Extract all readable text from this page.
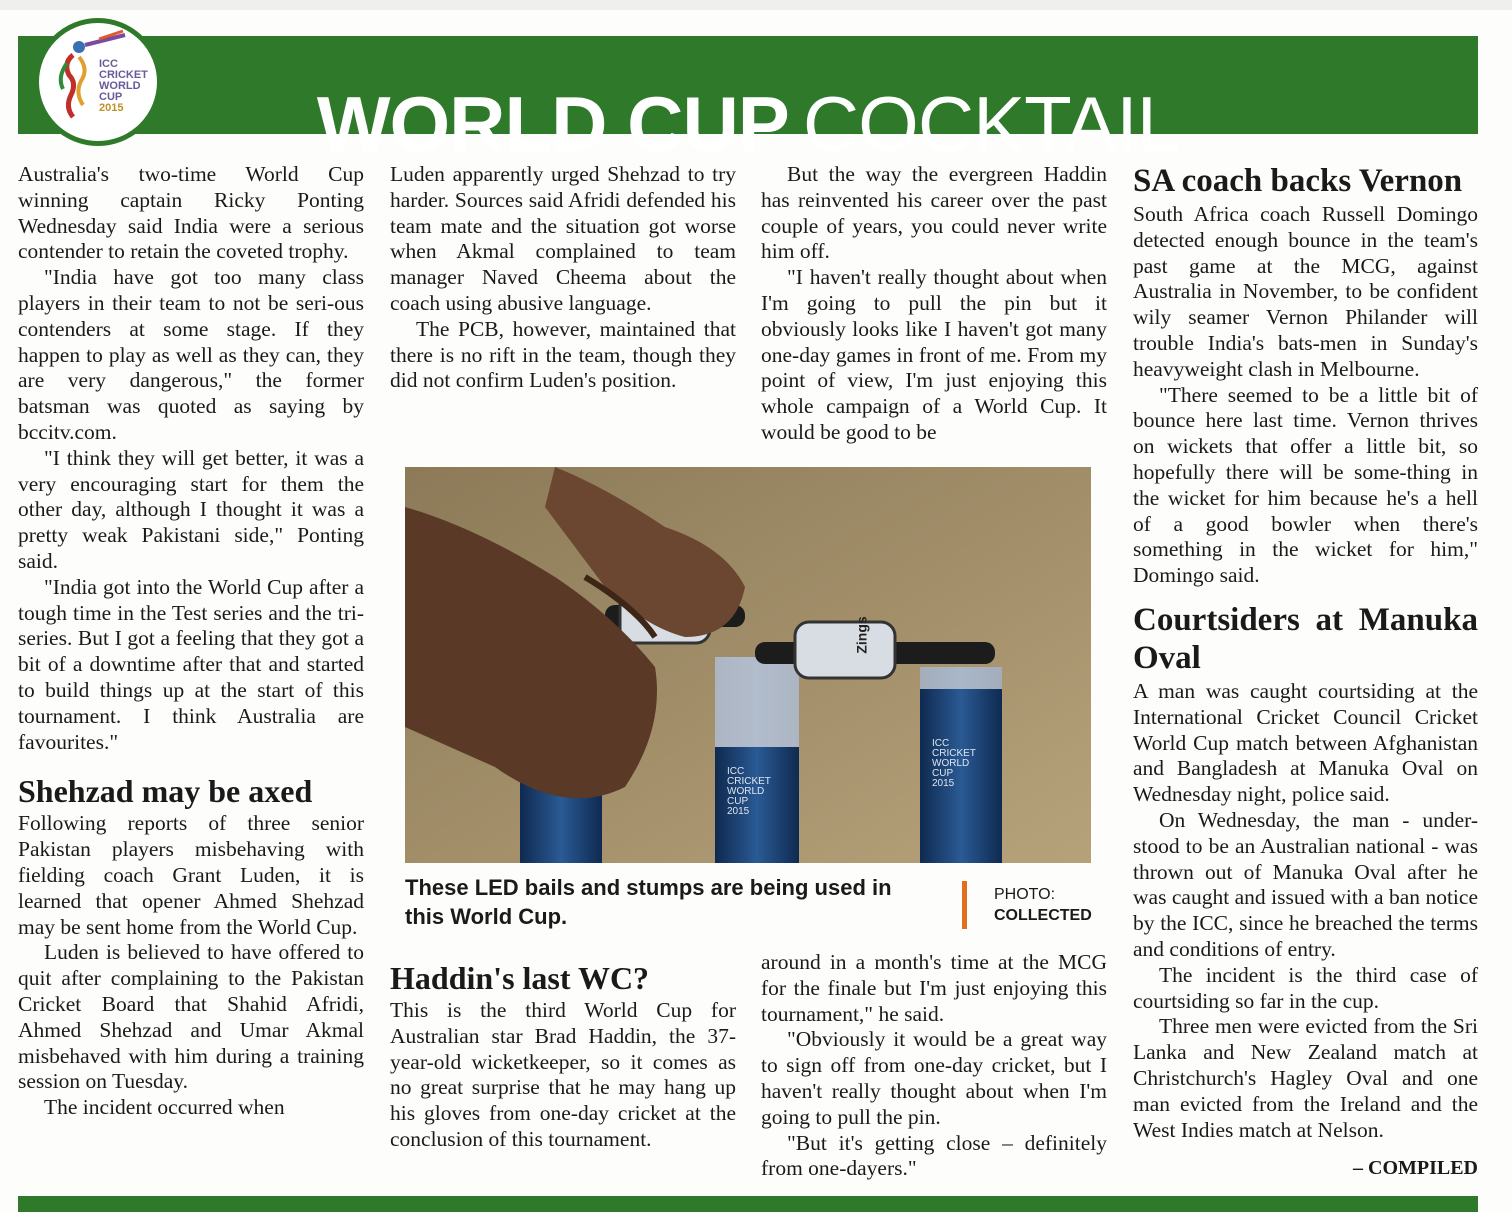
WORLD CUP COCKTAIL
ICC
CRICKET
WORLD
CUP
2015

Australia's two-time World Cup winning captain Ricky Ponting Wednesday said India were a serious contender to retain the coveted trophy.

"India have got too many class players in their team to not be seri-ous contenders at some stage. If they happen to play as well as they can, they are very dangerous," the former batsman was quoted as saying by bccitv.com.

"I think they will get better, it was a very encouraging start for them the other day, although I thought it was a pretty weak Pakistani side," Ponting said.

"India got into the World Cup after a tough time in the Test series and the tri-series. But I got a feeling that they got a bit of a downtime after that and started to build things up at the start of this tournament. I think Australia are favourites."

Shehzad may be axed

Following reports of three senior Pakistan players misbehaving with fielding coach Grant Luden, it is learned that opener Ahmed Shehzad may be sent home from the World Cup.

Luden is believed to have offered to quit after complaining to the Pakistan Cricket Board that Shahid Afridi, Ahmed Shehzad and Umar Akmal misbehaved with him during a training session on Tuesday.

The incident occurred when

Luden apparently urged Shehzad to try harder. Sources said Afridi defended his team mate and the situation got worse when Akmal complained to team manager Naved Cheema about the coach using abusive language.

The PCB, however, maintained that there is no rift in the team, though they did not confirm Luden's position.

But the way the evergreen Haddin has reinvented his career over the past couple of years, you could never write him off.

"I haven't really thought about when I'm going to pull the pin but it obviously looks like I haven't got many one-day games in front of me. From my point of view, I'm just enjoying this whole campaign of a World Cup. It would be good to be

Zings
ICC
CRICKET
WORLD
CUP
2015
ICC
CRICKET
WORLD
CUP
2015
These LED bails and stumps are being used in this World Cup.
PHOTO:
COLLECTED
Haddin's last WC?

This is the third World Cup for Australian star Brad Haddin, the 37-year-old wicketkeeper, so it comes as no great surprise that he may hang up his gloves from one-day cricket at the conclusion of this tournament.

around in a month's time at the MCG for the finale but I'm just enjoying this tournament," he said.

"Obviously it would be a great way to sign off from one-day cricket, but I haven't really thought about when I'm going to pull the pin.

"But it's getting close – definitely from one-dayers."

SA coach backs Vernon

South Africa coach Russell Domingo detected enough bounce in the team's past game at the MCG, against Australia in November, to be confident wily seamer Vernon Philander will trouble India's bats-men in Sunday's heavyweight clash in Melbourne.

"There seemed to be a little bit of bounce here last time. Vernon thrives on wickets that offer a little bit, so hopefully there will be some-thing in the wicket for him because he's a hell of a good bowler when there's something in the wicket for him," Domingo said.

Courtsiders at Manuka Oval

A man was caught courtsiding at the International Cricket Council Cricket World Cup match between Afghanistan and Bangladesh at Manuka Oval on Wednesday night, police said.

On Wednesday, the man - under-stood to be an Australian national - was thrown out of Manuka Oval after he was caught and issued with a ban notice by the ICC, since he breached the terms and conditions of entry.

The incident is the third case of courtsiding so far in the cup.

Three men were evicted from the Sri Lanka and New Zealand match at Christchurch's Hagley Oval and one man evicted from the Ireland and the West Indies match at Nelson.

– COMPILED
